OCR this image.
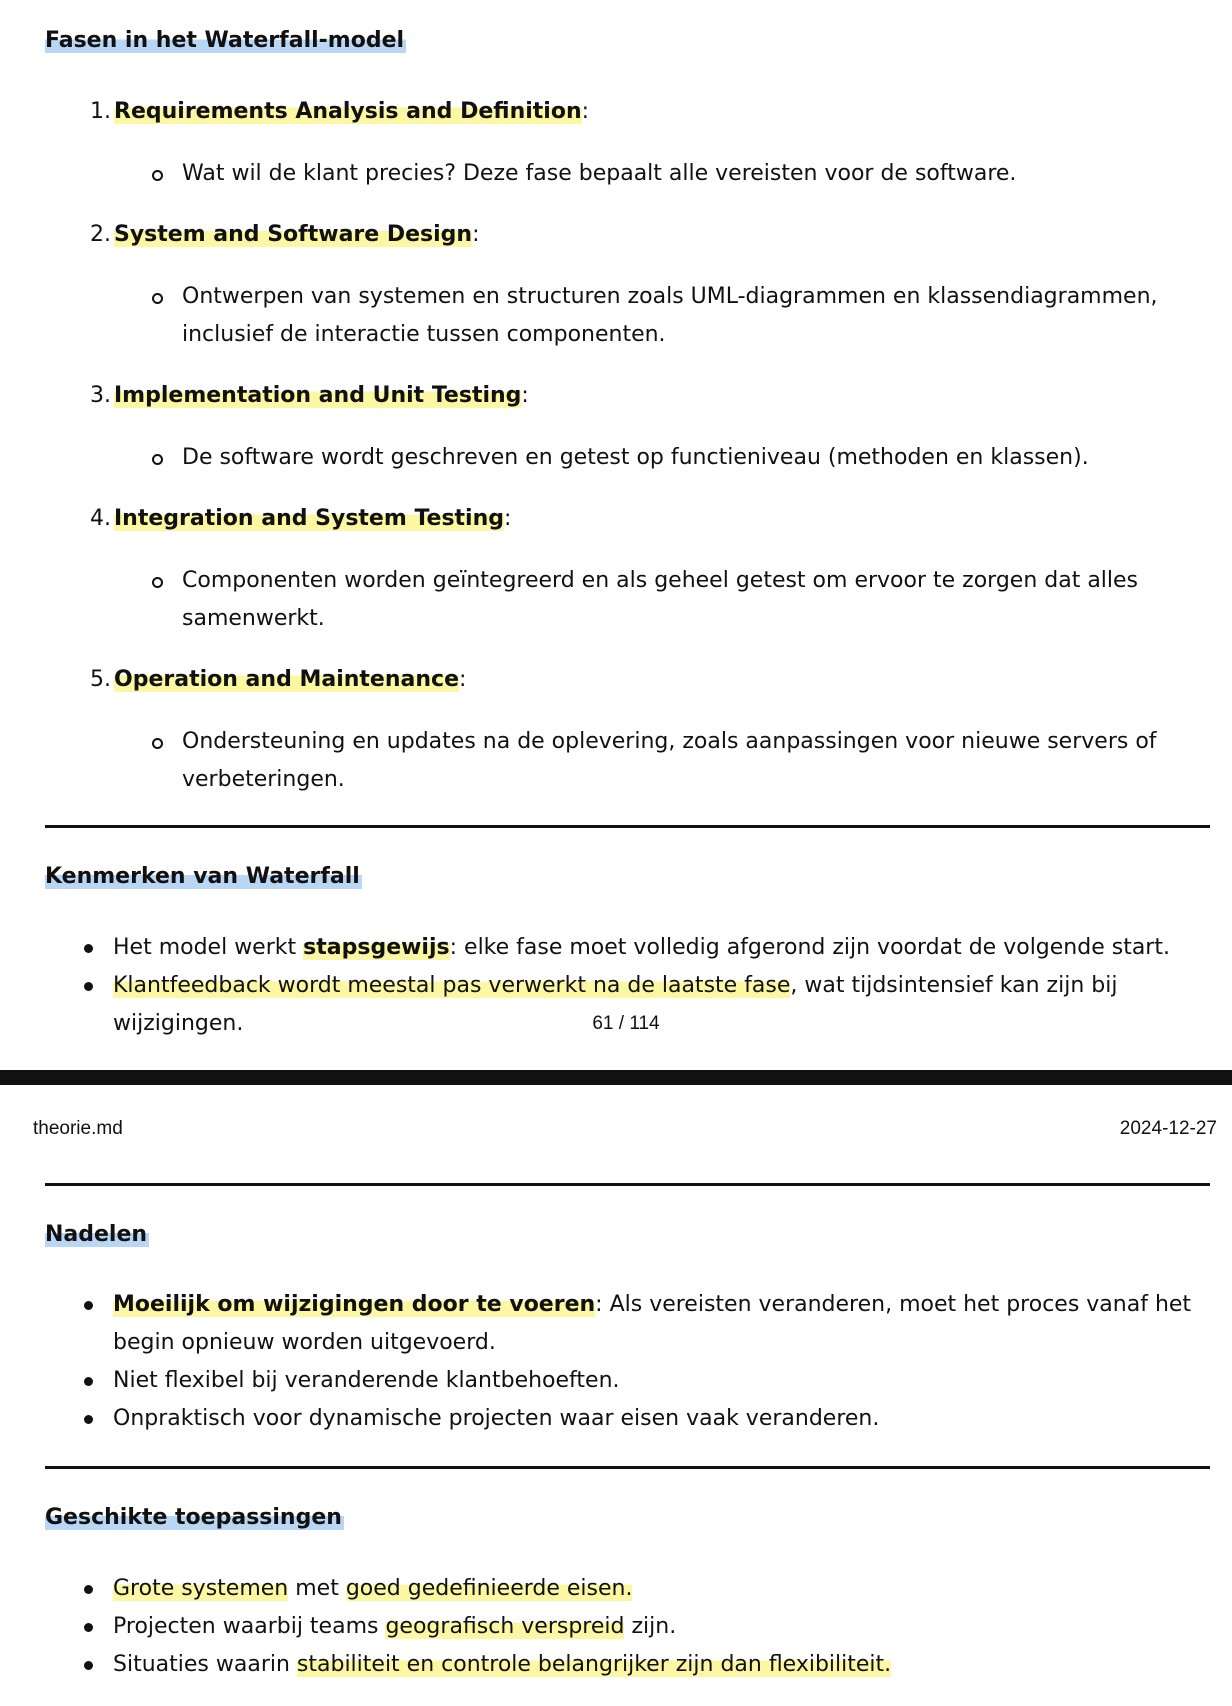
Fasen in het Waterfall-model
1. Requirements Analysis and Definition:
Wat wil de klant precies? Deze fase bepaalt alle vereisten voor de software.
2. System and Software Design:
Ontwerpen van systemen en structuren zoals UML-diagrammen en klassendiagrammen, inclusief de interactie tussen componenten.
3. Implementation and Unit Testing:
De software wordt geschreven en getest op functieniveau (methoden en klassen).
4. Integration and System Testing:
Componenten worden geïntegreerd en als geheel getest om ervoor te zorgen dat alles samenwerkt.
5. Operation and Maintenance:
Ondersteuning en updates na de oplevering, zoals aanpassingen voor nieuwe servers of verbeteringen.
Kenmerken van Waterfall
Het model werkt stapsgewijs: elke fase moet volledig afgerond zijn voordat de volgende start.
Klantfeedback wordt meestal pas verwerkt na de laatste fase, wat tijdsintensief kan zijn bij wijzigingen.	61 / 114
theorie.md	2024-12-27
Nadelen
Moeilijk om wijzigingen door te voeren: Als vereisten veranderen, moet het proces vanaf het begin opnieuw worden uitgevoerd.
Niet flexibel bij veranderende klantbehoeften.
Onpraktisch voor dynamische projecten waar eisen vaak veranderen.
Geschikte toepassingen
Grote systemen met goed gedefinieerde eisen.
Projecten waarbij teams geografisch verspreid zijn.
Situaties waarin stabiliteit en controle belangrijker zijn dan flexibiliteit.
